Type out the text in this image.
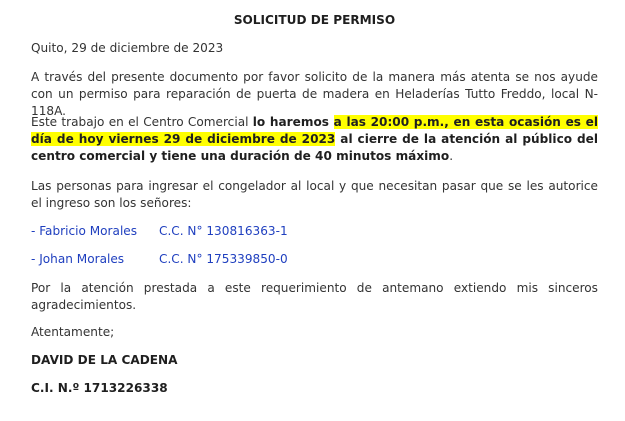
SOLICITUD DE PERMISO
Quito, 29 de diciembre de 2023
A través del presente documento por favor solicito de la manera más atenta se nos ayude con un permiso para reparación de puerta de madera en Heladerías Tutto Freddo, local N-118A.
Este trabajo en el Centro Comercial lo haremos a las 20:00 p.m., en esta ocasión es el día de hoy viernes 29 de diciembre de 2023 al cierre de la atención al público del centro comercial y tiene una duración de 40 minutos máximo.
Las personas para ingresar el congelador al local y que necesitan pasar que se les autorice el ingreso son los señores:
- Fabricio Morales C.C. N° 130816363-1
- Johan Morales	C.C. N° 175339850-0
Por la atención prestada a este requerimiento de antemano extiendo mis sinceros agradecimientos.
Atentamente;
DAVID DE LA CADENA
C.I. N.º 1713226338
